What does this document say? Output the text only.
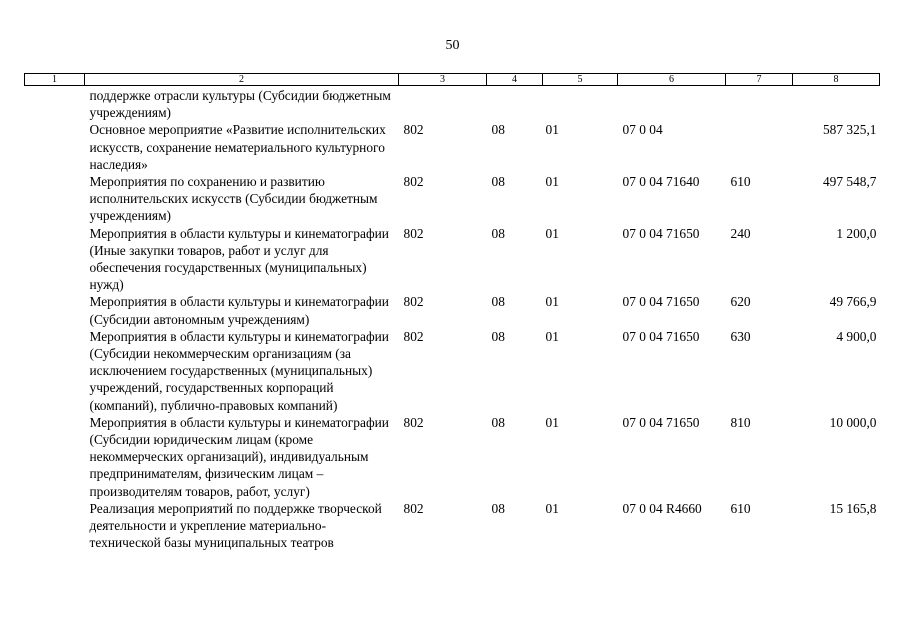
50
1	2	3	4	5	6	7	8
	поддержке отрасли культуры (Субсидии бюджетным учреждениям)						
	Основное мероприятие «Развитие исполнительских искусств, сохранение нематериального культурного наследия»	802	08	01	07 0 04		587 325,1
	Мероприятия по сохранению и развитию исполнительских искусств (Субсидии бюджетным учреждениям)	802	08	01	07 0 04 71640	610	497 548,7
	Мероприятия в области культуры и кинематографии (Иные закупки товаров, работ и услуг для обеспечения государственных (муниципальных) нужд)	802	08	01	07 0 04 71650	240	1 200,0
	Мероприятия в области культуры и кинематографии (Субсидии автономным учреждениям)	802	08	01	07 0 04 71650	620	49 766,9
	Мероприятия в области культуры и кинематографии (Субсидии некоммерческим организациям (за исключением государственных (муниципальных) учреждений, государственных корпораций (компаний), публично-правовых компаний)	802	08	01	07 0 04 71650	630	4 900,0
	Мероприятия в области культуры и кинематографии (Субсидии юридическим лицам (кроме некоммерческих организаций), индивидуальным предпринимателям, физическим лицам – производителям товаров, работ, услуг)	802	08	01	07 0 04 71650	810	10 000,0
	Реализация мероприятий по поддержке творческой деятельности и укрепление материально-технической базы муниципальных театров	802	08	01	07 0 04 R4660	610	15 165,8
